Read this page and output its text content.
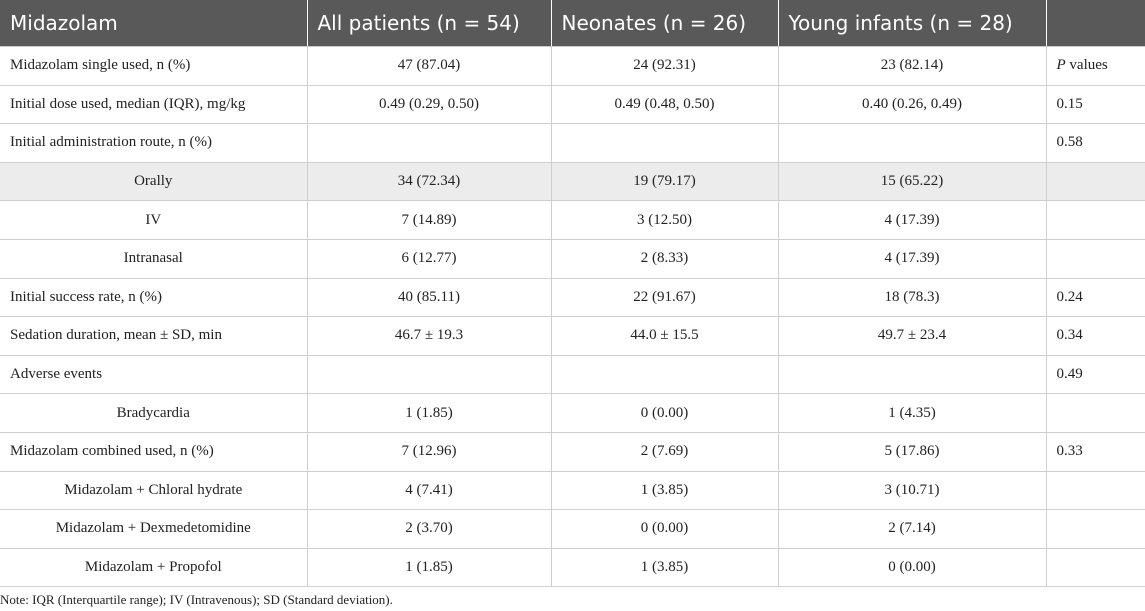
Midazolam	All patients (n = 54)	Neonates (n = 26)	Young infants (n = 28)	
Midazolam single used, n (%)	47 (87.04)	24 (92.31)	23 (82.14)	P values
Initial dose used, median (IQR), mg/kg	0.49 (0.29, 0.50)	0.49 (0.48, 0.50)	0.40 (0.26, 0.49)	0.15
Initial administration route, n (%)				0.58
Orally	34 (72.34)	19 (79.17)	15 (65.22)	
IV	7 (14.89)	3 (12.50)	4 (17.39)	
Intranasal	6 (12.77)	2 (8.33)	4 (17.39)	
Initial success rate, n (%)	40 (85.11)	22 (91.67)	18 (78.3)	0.24
Sedation duration, mean ± SD, min	46.7 ± 19.3	44.0 ± 15.5	49.7 ± 23.4	0.34
Adverse events				0.49
Bradycardia	1 (1.85)	0 (0.00)	1 (4.35)	
Midazolam combined used, n (%)	7 (12.96)	2 (7.69)	5 (17.86)	0.33
Midazolam + Chloral hydrate	4 (7.41)	1 (3.85)	3 (10.71)	
Midazolam + Dexmedetomidine	2 (3.70)	0 (0.00)	2 (7.14)	
Midazolam + Propofol	1 (1.85)	1 (3.85)	0 (0.00)	
Note: IQR (Interquartile range); IV (Intravenous); SD (Standard deviation).
